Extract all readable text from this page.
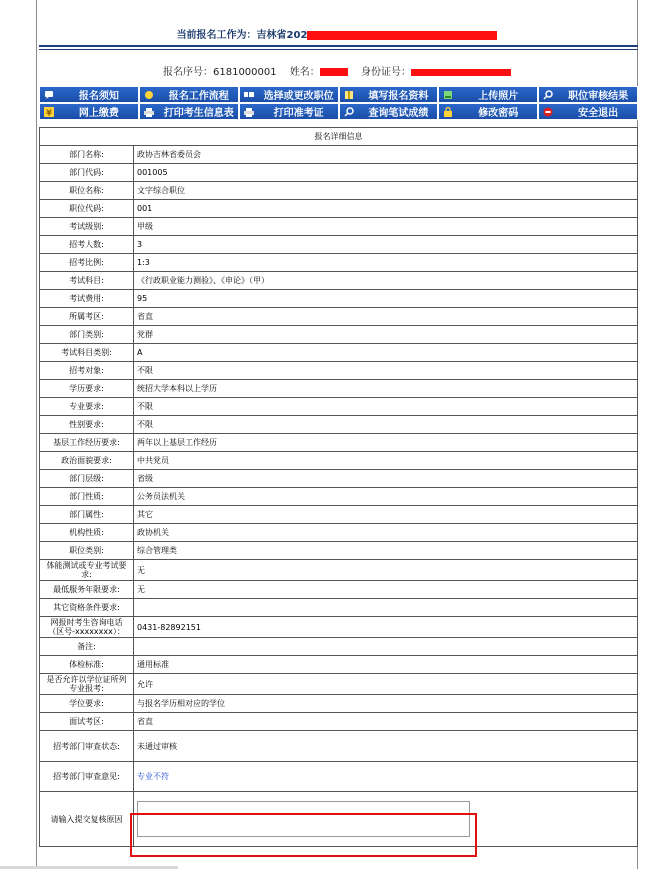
当前报名工作为：吉林省202
报名序号：6181000001 姓名：	身份证号：
报名须知	报名工作流程	选择或更改职位	填写报名资料	上传照片	职位审核结果
¥	网上缴费	打印考生信息表	打印准考证	查询笔试成绩	修改密码	安全退出
报名详细信息	
部门名称:	政协吉林省委员会
部门代码:	001005
职位名称:	文字综合职位
职位代码:	001
考试级别:	甲级
招考人数:	3
招考比例:	1:3
考试科目:	《行政职业能力测验》、《申论》（甲）
考试费用:	95
所属考区:	省直
部门类别:	党群
考试科目类别:	A
招考对象:	不限
学历要求:	统招大学本科以上学历
专业要求:	不限
性别要求:	不限
基层工作经历要求:	两年以上基层工作经历
政治面貌要求:	中共党员
部门层级:	省级
部门性质:	公务员法机关
部门属性:	其它
机构性质:	政协机关
职位类别:	综合管理类
体能测试或专业考试要求:	无
最低服务年限要求:	无
其它资格条件要求:	
网报时考生咨询电话（区号-xxxxxxxx）：	0431-82892151
备注:	
体检标准:	通用标准
是否允许以学位证所列专业报考:	允许
学位要求:	与报名学历相对应的学位
面试考区:	省直
招考部门审查状态:	未通过审核
招考部门审查意见:	专业不符
请输入提交复核原因	
